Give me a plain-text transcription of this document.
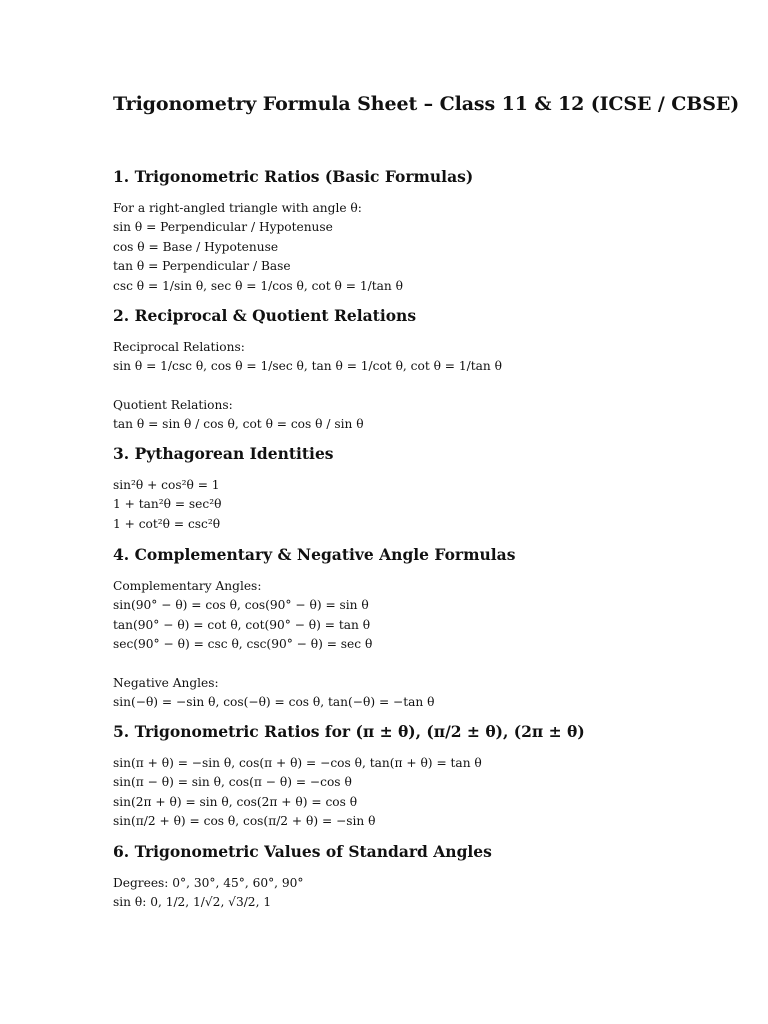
Trigonometry Formula Sheet – Class 11 & 12 (ICSE / CBSE)
1. Trigonometric Ratios (Basic Formulas)
For a right-angled triangle with angle θ:
sin θ = Perpendicular / Hypotenuse
cos θ = Base / Hypotenuse
tan θ = Perpendicular / Base
csc θ = 1/sin θ, sec θ = 1/cos θ, cot θ = 1/tan θ
2. Reciprocal & Quotient Relations
Reciprocal Relations:
sin θ = 1/csc θ, cos θ = 1/sec θ, tan θ = 1/cot θ, cot θ = 1/tan θ
Quotient Relations:
tan θ = sin θ / cos θ, cot θ = cos θ / sin θ
3. Pythagorean Identities
sin²θ + cos²θ = 1
1 + tan²θ = sec²θ
1 + cot²θ = csc²θ
4. Complementary & Negative Angle Formulas
Complementary Angles:
sin(90° − θ) = cos θ, cos(90° − θ) = sin θ
tan(90° − θ) = cot θ, cot(90° − θ) = tan θ
sec(90° − θ) = csc θ, csc(90° − θ) = sec θ
Negative Angles:
sin(−θ) = −sin θ, cos(−θ) = cos θ, tan(−θ) = −tan θ
5. Trigonometric Ratios for (π ± θ), (π/2 ± θ), (2π ± θ)
sin(π + θ) = −sin θ, cos(π + θ) = −cos θ, tan(π + θ) = tan θ
sin(π − θ) = sin θ, cos(π − θ) = −cos θ
sin(2π + θ) = sin θ, cos(2π + θ) = cos θ
sin(π/2 + θ) = cos θ, cos(π/2 + θ) = −sin θ
6. Trigonometric Values of Standard Angles
Degrees: 0°, 30°, 45°, 60°, 90°
sin θ: 0, 1/2, 1/√2, √3/2, 1
